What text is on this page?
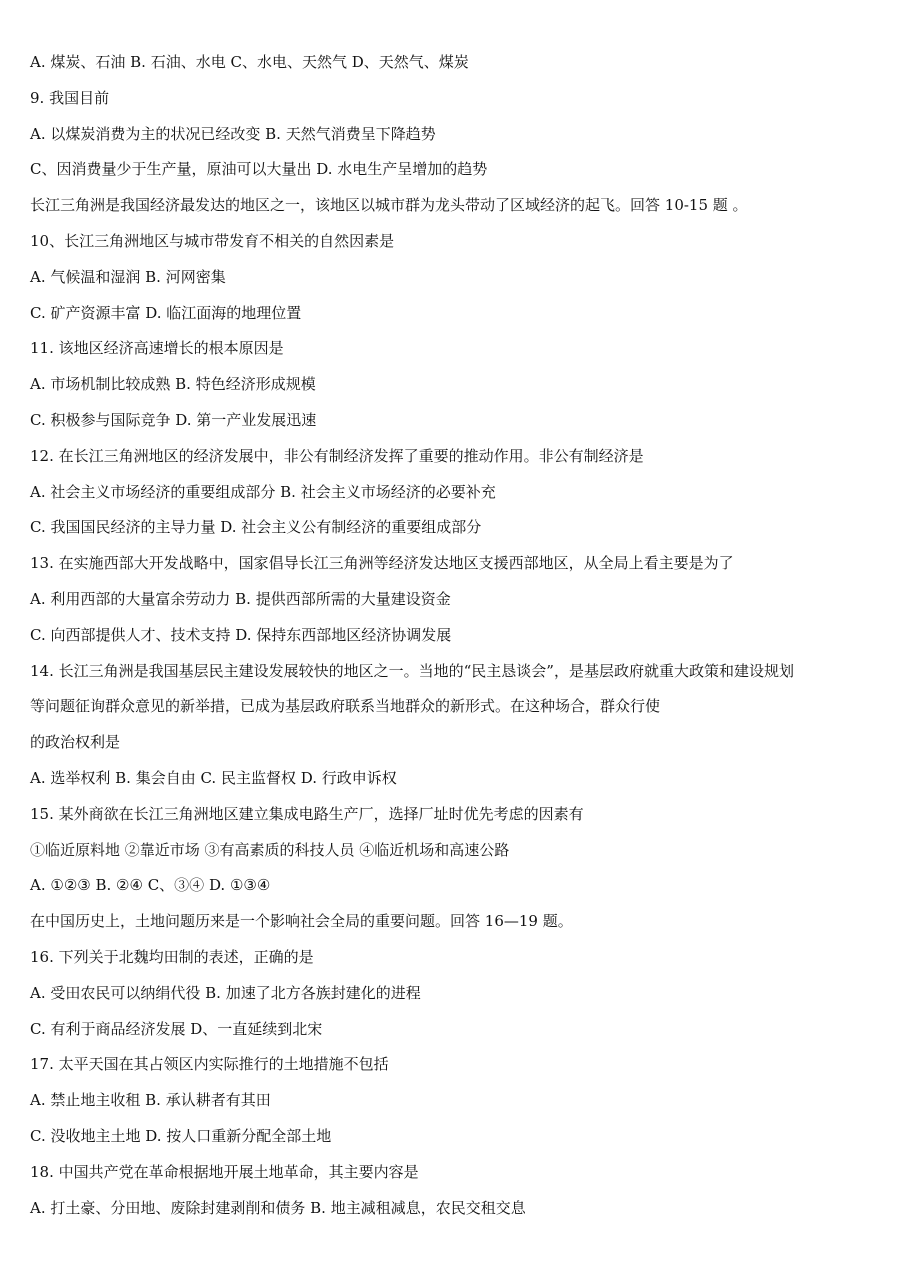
A. 煤炭、石油 B. 石油、水电 C、水电、天然气 D、天然气、煤炭
9. 我国目前
A. 以煤炭消费为主的状况已经改变 B. 天然气消费呈下降趋势
C、因消费量少于生产量，原油可以大量出 D. 水电生产呈增加的趋势
长江三角洲是我国经济最发达的地区之一，该地区以城市群为龙头带动了区域经济的起飞。回答 10-15 题 。
10、长江三角洲地区与城市带发育不相关的自然因素是
A. 气候温和湿润 B. 河网密集
C. 矿产资源丰富 D. 临江面海的地理位置
11. 该地区经济高速增长的根本原因是
A. 市场机制比较成熟 B. 特色经济形成规模
C. 积极参与国际竞争 D. 第一产业发展迅速
12. 在长江三角洲地区的经济发展中，非公有制经济发挥了重要的推动作用。非公有制经济是
A. 社会主义市场经济的重要组成部分 B. 社会主义市场经济的必要补充
C. 我国国民经济的主导力量 D. 社会主义公有制经济的重要组成部分
13. 在实施西部大开发战略中，国家倡导长江三角洲等经济发达地区支援西部地区，从全局上看主要是为了
A. 利用西部的大量富余劳动力 B. 提供西部所需的大量建设资金
C. 向西部提供人才、技术支持 D. 保持东西部地区经济协调发展
14. 长江三角洲是我国基层民主建设发展较快的地区之一。当地的“民主恳谈会”，是基层政府就重大政策和建设规划
等问题征询群众意见的新举措，已成为基层政府联系当地群众的新形式。在这种场合，群众行使
的政治权利是
A. 选举权利 B. 集会自由 C. 民主监督权 D. 行政申诉权
15. 某外商欲在长江三角洲地区建立集成电路生产厂，选择厂址时优先考虑的因素有
①临近原料地 ②靠近市场 ③有高素质的科技人员 ④临近机场和高速公路
A. ①②③ B. ②④ C、③④ D. ①③④
在中国历史上，土地问题历来是一个影响社会全局的重要问题。回答 16—19 题。
16. 下列关于北魏均田制的表述，正确的是
A. 受田农民可以纳绢代役 B. 加速了北方各族封建化的进程
C. 有利于商品经济发展 D、一直延续到北宋
17. 太平天国在其占领区内实际推行的土地措施不包括
A. 禁止地主收租 B. 承认耕者有其田
C. 没收地主土地 D. 按人口重新分配全部土地
18. 中国共产党在革命根据地开展土地革命，其主要内容是
A. 打土豪、分田地、废除封建剥削和债务 B. 地主减租减息，农民交租交息
